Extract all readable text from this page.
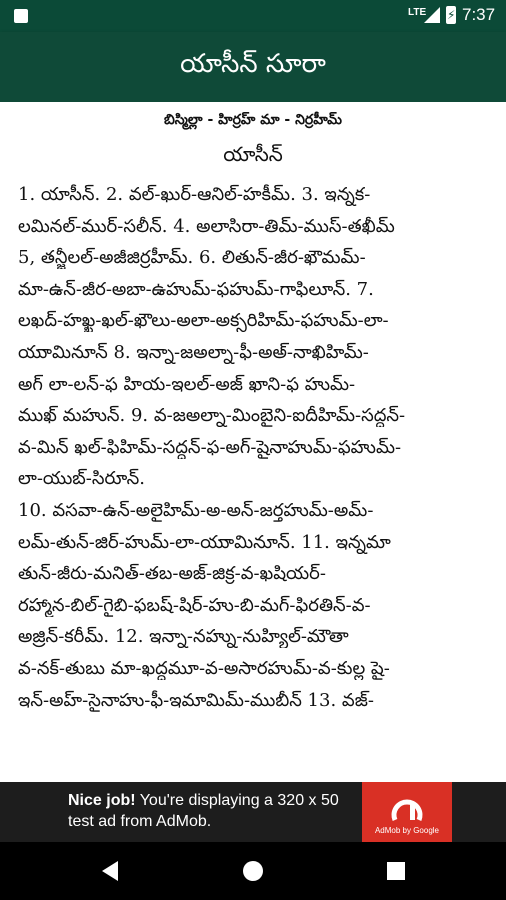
LTE ⚡ 7:37
యాసీన్ సూరా
బిస్మిల్లా - హిర్రహ్ మా - నిర్రహీమ్
యాసీన్
1. యాసీన్. 2. వల్-ఖుర్-ఆనిల్-హకీమ్. 3. ఇన్నక-
లమినల్-ముర్-సలీన్. 4. అలాసిరా-తిమ్-ముస్-తఖీమ్
5, తన్జీలల్-అజీజిర్రహీమ్. 6. లితున్-జీర-ఖౌమమ్-
మా-ఉన్-జీర-అబా-ఉహుమ్-ఫహుమ్-గాఫిలూన్. 7.
లఖద్-హఖ్ఖ-ఖల్-ఖౌలు-అలా-అక్సరిహిమ్-ఫహుమ్-లా-
యుామినూన్ 8. ఇన్నా-జఅల్నా-ఫీ-అఅ్-నాఖిహిమ్-
అగ్ లా-లన్-ఫ హియ-ఇలల్-అజ్ ఖాని-ఫ హుమ్-
ముఖ్ మహున్. 9. వ-జఅల్నా-మింబైని-ఐదీహిమ్-సద్దన్-
వ-మిన్ ఖల్-ఫిహిమ్-సద్దన్-ఫ-అగ్-షైనాహుమ్-ఫహుమ్-
లా-యుబ్-సిరూన్.
10. వసవా-ఉన్-అలైహిమ్-అ-అన్-జర్తహుమ్-అమ్-
లమ్-తున్-జిర్-హుమ్-లా-యుామినూన్. 11. ఇన్నమా
తున్-జీరు-మనిత్-తబ-అజ్-జిక్ర-వ-ఖషియర్-
రహ్మాన-బిల్-గైబి-ఫబష్-షిర్-హు-బి-మగ్-ఫిరతిన్-వ-
అజ్రిన్-కరీమ్. 12. ఇన్నా-నహ్ను-నుహ్యిల్-మౌతా
వ-నక్-తుబు మా-ఖద్దమూ-వ-అసారహుమ్-వ-కుల్ల షై-
ఇన్-అహ్-సైనాహు-ఫీ-ఇమామిమ్-ముబీన్ 13. వజ్-
Nice job! You're displaying a 320 x 50 test ad from AdMob.
AdMob by Google
